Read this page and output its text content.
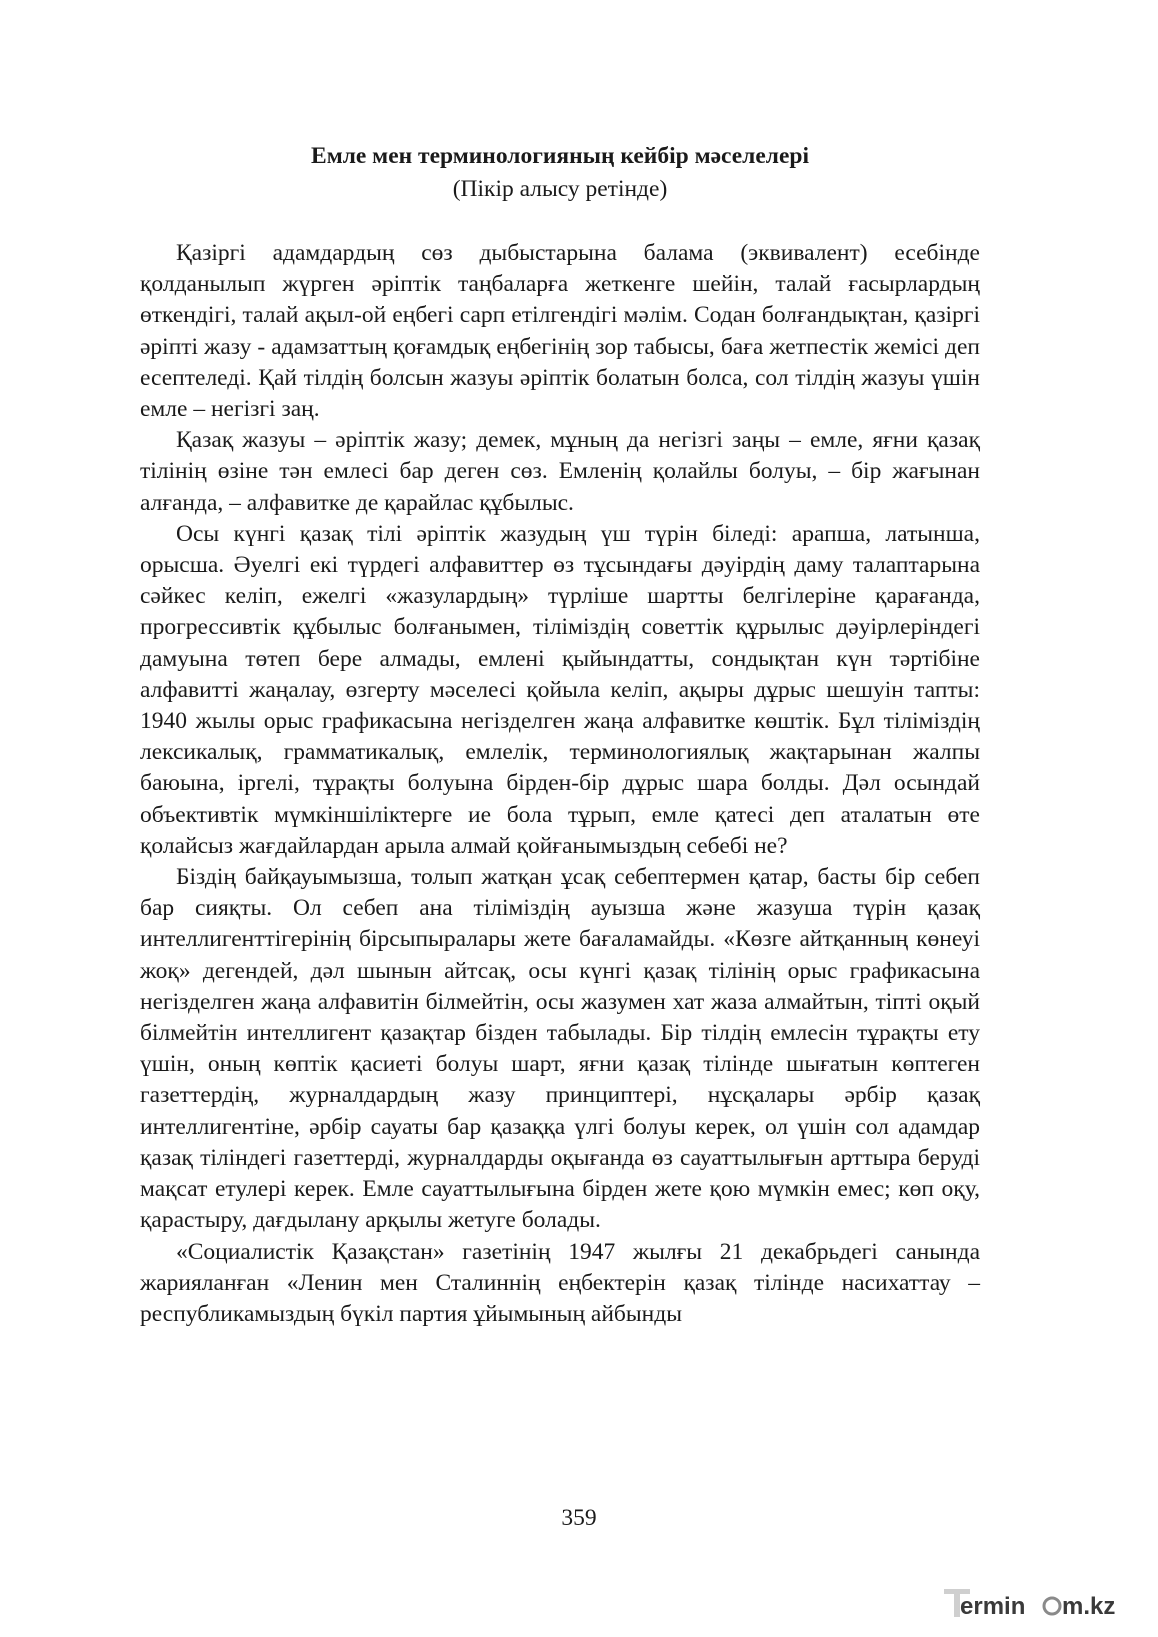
Емле мен терминологияның кейбір мәселелері
(Пікір алысу ретінде)

Қазіргі адамдардың сөз дыбыстарына балама (эквивалент) есебінде қолданылып жүрген әріптік таңбаларға жеткенге шейін, талай ғасырлардың өткендігі, талай ақыл-ой еңбегі сарп етілгендігі мәлім. Содан болғандықтан, қазіргі әріпті жазу - адамзаттың қоғамдық еңбегінің зор табысы, баға жетпестік жемісі деп есептеледі. Қай тілдің болсын жазуы әріптік болатын болса, сол тілдің жазуы үшін емле – негізгі заң.

Қазақ жазуы – әріптік жазу; демек, мұның да негізгі заңы – емле, яғни қазақ тілінің өзіне тән емлесі бар деген сөз. Емленің қолайлы болуы, – бір жағынан алғанда, – алфавитке де қарайлас құбылыс.

Осы күнгі қазақ тілі әріптік жазудың үш түрін біледі: арапша, латынша, орысша. Әуелгі екі түрдегі алфавиттер өз тұсындағы дәуірдің даму талаптарына сәйкес келіп, ежелгі «жазулардың» түрліше шартты белгілеріне қарағанда, прогрессивтік құбылыс болғанымен, тіліміздің советтік құрылыс дәуірлеріндегі дамуына төтеп бере алмады, емлені қыйындатты, сондықтан күн тәртібіне алфавитті жаңалау, өзгерту мәселесі қойыла келіп, ақыры дұрыс шешуін тапты: 1940 жылы орыс графикасына негізделген жаңа алфавитке көштік. Бұл тіліміздің лексикалық, грамматикалық, емлелік, терминологиялық жақтарынан жалпы баюына, іргелі, тұрақты болуына бірден-бір дұрыс шара болды. Дәл осындай объективтік мүмкіншіліктерге ие бола тұрып, емле қатесі деп аталатын өте қолайсыз жағдайлардан арыла алмай қойғанымыздың себебі не?

Біздің байқауымызша, толып жатқан ұсақ себептермен қатар, басты бір себеп бар сияқты. Ол себеп ана тіліміздің ауызша және жазуша түрін қазақ интеллигенттігерінің бірсыпыралары жете бағаламайды. «Көзге айтқанның көнеуі жоқ» дегендей, дәл шынын айтсақ, осы күнгі қазақ тілінің орыс графикасына негізделген жаңа алфавитін білмейтін, осы жазумен хат жаза алмайтын, тіпті оқый білмейтін интеллигент қазақтар бізден табылады. Бір тілдің емлесін тұрақты ету үшін, оның көптік қасиеті болуы шарт, яғни қазақ тілінде шығатын көптеген газеттердің, журналдардың жазу принциптері, нұсқалары әрбір қазақ интеллигентіне, әрбір сауаты бар қазаққа үлгі болуы керек, ол үшін сол адамдар қазақ тіліндегі газеттерді, журналдарды оқығанда өз сауаттылығын арттыра беруді мақсат етулері керек. Емле сауаттылығына бірден жете қою мүмкін емес; көп оқу, қарастыру, дағдылану арқылы жетуге болады.

«Социалистік Қазақстан» газетінің 1947 жылғы 21 декабрьдегі санында жарияланған «Ленин мен Сталиннің еңбектерін қазақ тілінде насихаттау – республикамыздың бүкіл партия ұйымының айбынды

359
ermin m.kz
